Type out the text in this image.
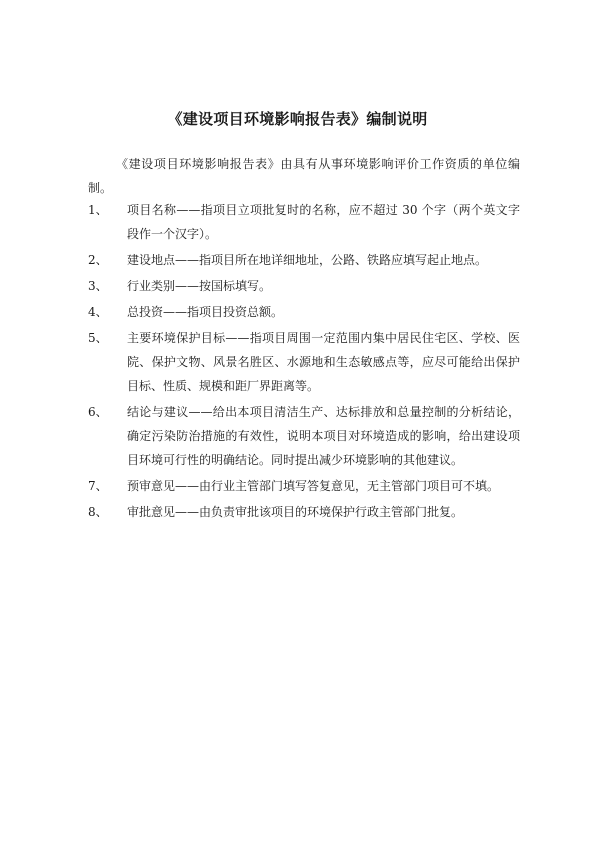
《建设项目环境影响报告表》编制说明
《建设项目环境影响报告表》由具有从事环境影响评价工作资质的单位编制。
1、	项目名称——指项目立项批复时的名称，应不超过 30 个字（两个英文字段作一个汉字）。
2、	建设地点——指项目所在地详细地址，公路、铁路应填写起止地点。
3、	行业类别——按国标填写。
4、	总投资——指项目投资总额。
5、	主要环境保护目标——指项目周围一定范围内集中居民住宅区、学校、医院、保护文物、风景名胜区、水源地和生态敏感点等，应尽可能给出保护目标、性质、规模和距厂界距离等。
6、	结论与建议——给出本项目清洁生产、达标排放和总量控制的分析结论，确定污染防治措施的有效性，说明本项目对环境造成的影响，给出建设项目环境可行性的明确结论。同时提出减少环境影响的其他建议。
7、	预审意见——由行业主管部门填写答复意见，无主管部门项目可不填。
8、	审批意见——由负责审批该项目的环境保护行政主管部门批复。
